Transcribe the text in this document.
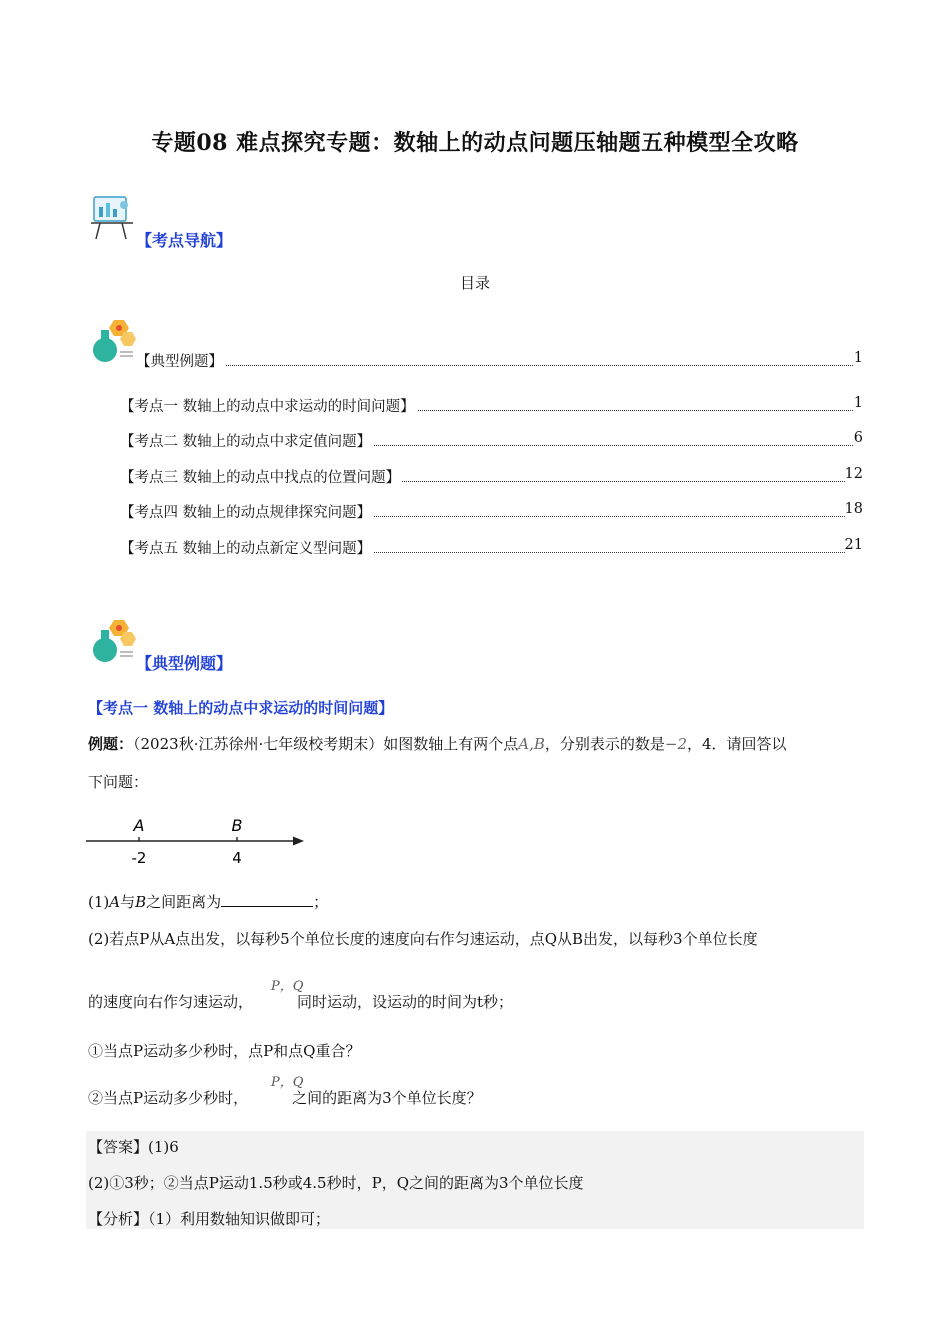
专题08 难点探究专题：数轴上的动点问题压轴题五种模型全攻略
【考点导航】
目录
【典型例题】	1
【考点一 数轴上的动点中求运动的时间问题】	1
【考点二 数轴上的动点中求定值问题】	6
【考点三 数轴上的动点中找点的位置问题】	12
【考点四 数轴上的动点规律探究问题】	18
【考点五 数轴上的动点新定义型问题】	21
【典型例题】
【考点一 数轴上的动点中求运动的时间问题】
例题：（2023秋·江苏徐州·七年级校考期末）如图数轴上有两个点A,B，分别表示的数是−2，4．请回答以
下问题：
A	B
-2	4
(1)A与B之间距离为	；
(2)若点P从A点出发，以每秒5个单位长度的速度向右作匀速运动，点Q从B出发，以每秒3个单位长度
P，Q
的速度向右作匀速运动，	同时运动，设运动的时间为t秒；
①当点P运动多少秒时，点P和点Q重合？
P，Q
②当点P运动多少秒时，	之间的距离为3个单位长度？
【答案】(1)6
(2)①3秒；②当点P运动1.5秒或4.5秒时，P，Q之间的距离为3个单位长度
【分析】（1）利用数轴知识做即可；
